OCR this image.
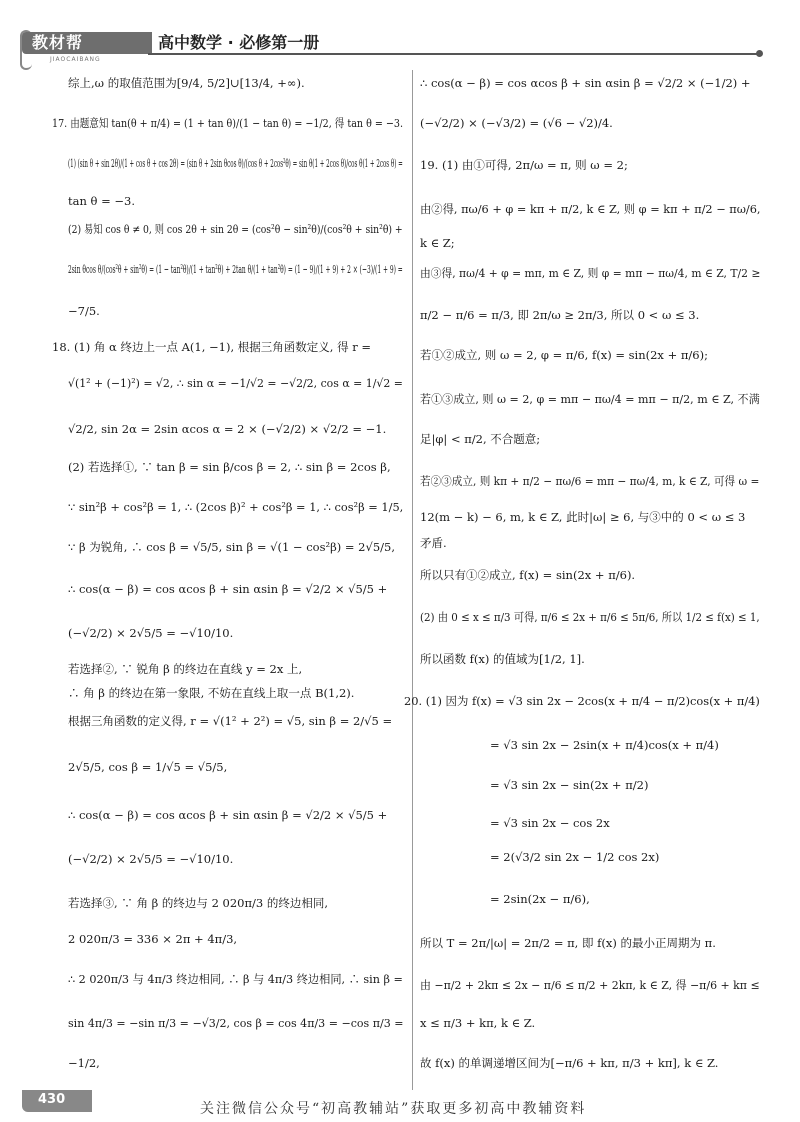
教材帮
JIAOCAIBANG
高中数学 · 必修第一册
综上,ω 的取值范围为[9/4, 5/2]∪[13/4, +∞).
17. 由题意知 tan(θ + π/4) = (1 + tan θ)/(1 − tan θ) = −1/2, 得 tan θ = −3.
(1) (sin θ + sin 2θ)/(1 + cos θ + cos 2θ) = (sin θ + 2sin θcos θ)/(cos θ + 2cos²θ) = sin θ(1 + 2cos θ)/cos θ(1 + 2cos θ) =
tan θ = −3.
(2) 易知 cos θ ≠ 0, 则 cos 2θ + sin 2θ = (cos²θ − sin²θ)/(cos²θ + sin²θ) +
2sin θcos θ/(cos²θ + sin²θ) = (1 − tan²θ)/(1 + tan²θ) + 2tan θ/(1 + tan²θ) = (1 − 9)/(1 + 9) + 2 × (−3)/(1 + 9) =
−7/5.
18. (1) 角 α 终边上一点 A(1, −1), 根据三角函数定义, 得 r =
√(1² + (−1)²) = √2, ∴ sin α = −1/√2 = −√2/2, cos α = 1/√2 =
√2/2, sin 2α = 2sin αcos α = 2 × (−√2/2) × √2/2 = −1.
(2) 若选择①, ∵ tan β = sin β/cos β = 2, ∴ sin β = 2cos β,
∵ sin²β + cos²β = 1, ∴ (2cos β)² + cos²β = 1, ∴ cos²β = 1/5,
∵ β 为锐角, ∴ cos β = √5/5, sin β = √(1 − cos²β) = 2√5/5,
∴ cos(α − β) = cos αcos β + sin αsin β = √2/2 × √5/5 +
(−√2/2) × 2√5/5 = −√10/10.
若选择②, ∵ 锐角 β 的终边在直线 y = 2x 上,
∴ 角 β 的终边在第一象限, 不妨在直线上取一点 B(1,2).
根据三角函数的定义得, r = √(1² + 2²) = √5, sin β = 2/√5 =
2√5/5, cos β = 1/√5 = √5/5,
∴ cos(α − β) = cos αcos β + sin αsin β = √2/2 × √5/5 +
(−√2/2) × 2√5/5 = −√10/10.
若选择③, ∵ 角 β 的终边与 2 020π/3 的终边相同,
2 020π/3 = 336 × 2π + 4π/3,
∴ 2 020π/3 与 4π/3 终边相同, ∴ β 与 4π/3 终边相同, ∴ sin β =
sin 4π/3 = −sin π/3 = −√3/2, cos β = cos 4π/3 = −cos π/3 =
−1/2,
∴ cos(α − β) = cos αcos β + sin αsin β = √2/2 × (−1/2) +
(−√2/2) × (−√3/2) = (√6 − √2)/4.
19. (1) 由①可得, 2π/ω = π, 则 ω = 2;
由②得, πω/6 + φ = kπ + π/2, k ∈ Z, 则 φ = kπ + π/2 − πω/6,
k ∈ Z;
由③得, πω/4 + φ = mπ, m ∈ Z, 则 φ = mπ − πω/4, m ∈ Z, T/2 ≥
π/2 − π/6 = π/3, 即 2π/ω ≥ 2π/3, 所以 0 < ω ≤ 3.
若①②成立, 则 ω = 2, φ = π/6, f(x) = sin(2x + π/6);
若①③成立, 则 ω = 2, φ = mπ − πω/4 = mπ − π/2, m ∈ Z, 不满
足|φ| < π/2, 不合题意;
若②③成立, 则 kπ + π/2 − πω/6 = mπ − πω/4, m, k ∈ Z, 可得 ω =
12(m − k) − 6, m, k ∈ Z, 此时|ω| ≥ 6, 与③中的 0 < ω ≤ 3
矛盾.
所以只有①②成立, f(x) = sin(2x + π/6).
(2) 由 0 ≤ x ≤ π/3 可得, π/6 ≤ 2x + π/6 ≤ 5π/6, 所以 1/2 ≤ f(x) ≤ 1,
所以函数 f(x) 的值域为[1/2, 1].
20. (1) 因为 f(x) = √3 sin 2x − 2cos(x + π/4 − π/2)cos(x + π/4)
= √3 sin 2x − 2sin(x + π/4)cos(x + π/4)
= √3 sin 2x − sin(2x + π/2)
= √3 sin 2x − cos 2x
= 2(√3/2 sin 2x − 1/2 cos 2x)
= 2sin(2x − π/6),
所以 T = 2π/|ω| = 2π/2 = π, 即 f(x) 的最小正周期为 π.
由 −π/2 + 2kπ ≤ 2x − π/6 ≤ π/2 + 2kπ, k ∈ Z, 得 −π/6 + kπ ≤
x ≤ π/3 + kπ, k ∈ Z.
故 f(x) 的单调递增区间为[−π/6 + kπ, π/3 + kπ], k ∈ Z.
430
关注微信公众号“初高教辅站”获取更多初高中教辅资料
